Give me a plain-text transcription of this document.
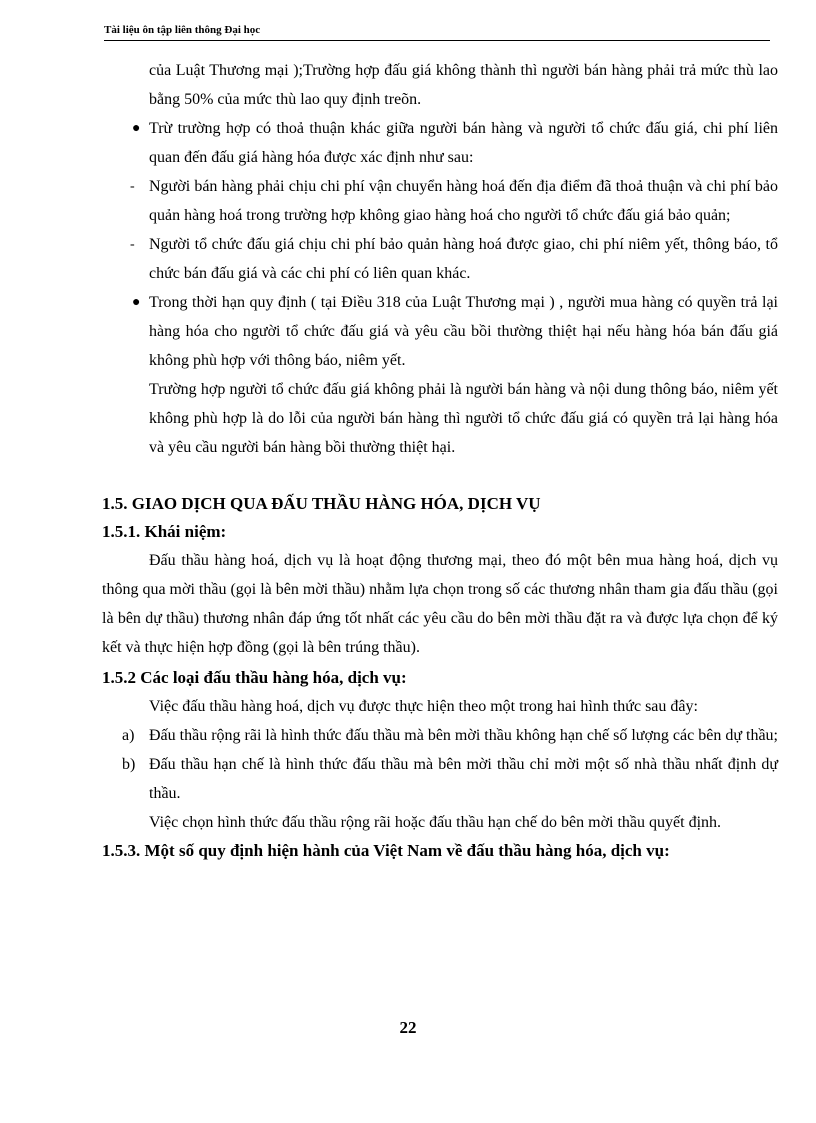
Tài liệu ôn tập liên thông Đại học

của Luật Thương mại );Trường hợp đấu giá không thành thì người bán hàng phải trả mức thù lao bằng 50% của mức thù lao quy định treõn.

● Trừ trường hợp có thoả thuận khác giữa người bán hàng và người tổ chức đấu giá, chi phí liên quan đến đấu giá hàng hóa được xác định như sau:
- Người bán hàng phải chịu chi phí vận chuyển hàng hoá đến địa điểm đã thoả thuận và chi phí bảo quản hàng hoá trong trường hợp không giao hàng hoá cho người tổ chức đấu giá bảo quản;
- Người tổ chức đấu giá chịu chi phí bảo quản hàng hoá được giao, chi phí niêm yết, thông báo, tổ chức bán đấu giá và các chi phí có liên quan khác.
● Trong thời hạn quy định ( tại Điều 318 của Luật Thương mại ) , người mua hàng có quyền trả lại hàng hóa cho người tổ chức đấu giá và yêu cầu bồi thường thiệt hại nếu hàng hóa bán đấu giá không phù hợp với thông báo, niêm yết.

Trường hợp người tổ chức đấu giá không phải là người bán hàng và nội dung thông báo, niêm yết không phù hợp là do lỗi của người bán hàng thì người tổ chức đấu giá có quyền trả lại hàng hóa và yêu cầu người bán hàng bồi thường thiệt hại.

1.5. GIAO DỊCH QUA ĐẤU THẦU HÀNG HÓA, DỊCH VỤ

1.5.1. Khái niệm:

Đấu thầu hàng hoá, dịch vụ là hoạt động thương mại, theo đó một bên mua hàng hoá, dịch vụ thông qua mời thầu (gọi là bên mời thầu) nhằm lựa chọn trong số các thương nhân tham gia đấu thầu (gọi là bên dự thầu) thương nhân đáp ứng tốt nhất các yêu cầu do bên mời thầu đặt ra và được lựa chọn để ký kết và thực hiện hợp đồng (gọi là bên trúng thầu).

1.5.2 Các loại đấu thầu hàng hóa, dịch vụ:

Việc đấu thầu hàng hoá, dịch vụ được thực hiện theo một trong hai hình thức sau đây:

a) Đấu thầu rộng rãi là hình thức đấu thầu mà bên mời thầu không hạn chế số lượng các bên dự thầu;
b) Đấu thầu hạn chế là hình thức đấu thầu mà bên mời thầu chỉ mời một số nhà thầu nhất định dự thầu.

Việc chọn hình thức đấu thầu rộng rãi hoặc đấu thầu hạn chế do bên mời thầu quyết định.

1.5.3. Một số quy định hiện hành của Việt Nam về đấu thầu hàng hóa, dịch vụ:

22
